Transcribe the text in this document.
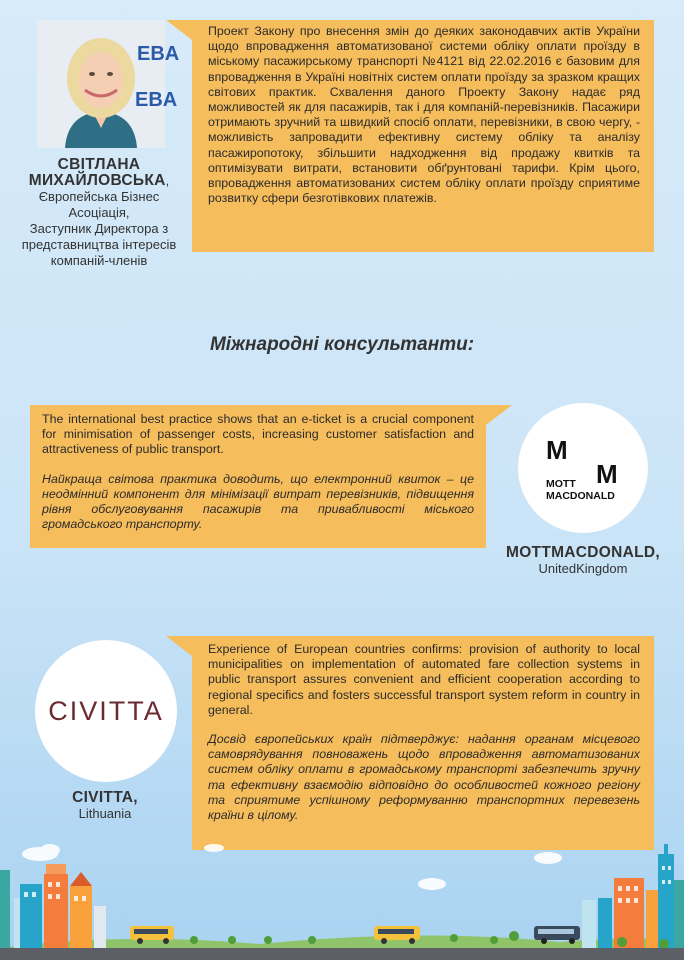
EBA
EBA

Проект Закону про внесення змін до деяких законодавчих актів України щодо впровадження автоматизованої системи обліку оплати проїзду в міському пасажирському транспорті №4121 від 22.02.2016 є базовим для впровадження в Україні новітніх систем оплати проїзду за зразком кращих світових практик. Схвалення даного Проекту Закону надає ряд можливостей як для пасажирів, так і для компаній-перевізників. Пасажири отримають зручний та швидкий спосіб оплати, перевізники, в свою чергу, - можливість запровадити ефективну систему обліку та аналізу пасажиропотоку, збільшити надходження від продажу квитків та оптимізувати витрати, встановити обґрунтовані тарифи. Крім цього, впровадження автоматизованих систем обліку оплати проїзду сприятиме розвитку сфери безготівкових платежів.

СВІТЛАНА МИХАЙЛОВСЬКА,
Європейська Бізнес
Асоціація,
Заступник Директора з
представництва інтересів
компаній-членів
Міжнародні консультанти:

The international best practice shows that an e-ticket is a crucial component for minimisation of passenger costs, increasing customer satisfaction and attractiveness of public transport.

Найкраща світова практика доводить, що електронний квиток – це неодмінний компонент для мінімізації витрат перевізників, підвищення рівня обслуговування пасажирів та привабливості міського громадського транспорту.

M
M
MOTT
MACDONALD
MOTTMACDONALD,
UnitedKingdom
CIVITTA

Experience of European countries confirms: provision of authority to local municipalities on implementation of automated fare collection systems in public transport assures convenient and efficient cooperation according to regional specifics and fosters successful transport system reform in country in general.

Досвід європейських країн підтверджує: надання органам місцевого самоврядування повноважень щодо впровадження автоматизованих систем обліку оплати в громадському транспорті забезпечить зручну та ефективну взаємодію відповідно до особливостей кожного регіону та сприятиме успішному реформуванню транспортних перевезень країни в цілому.

CIVITTA,
Lithuania
